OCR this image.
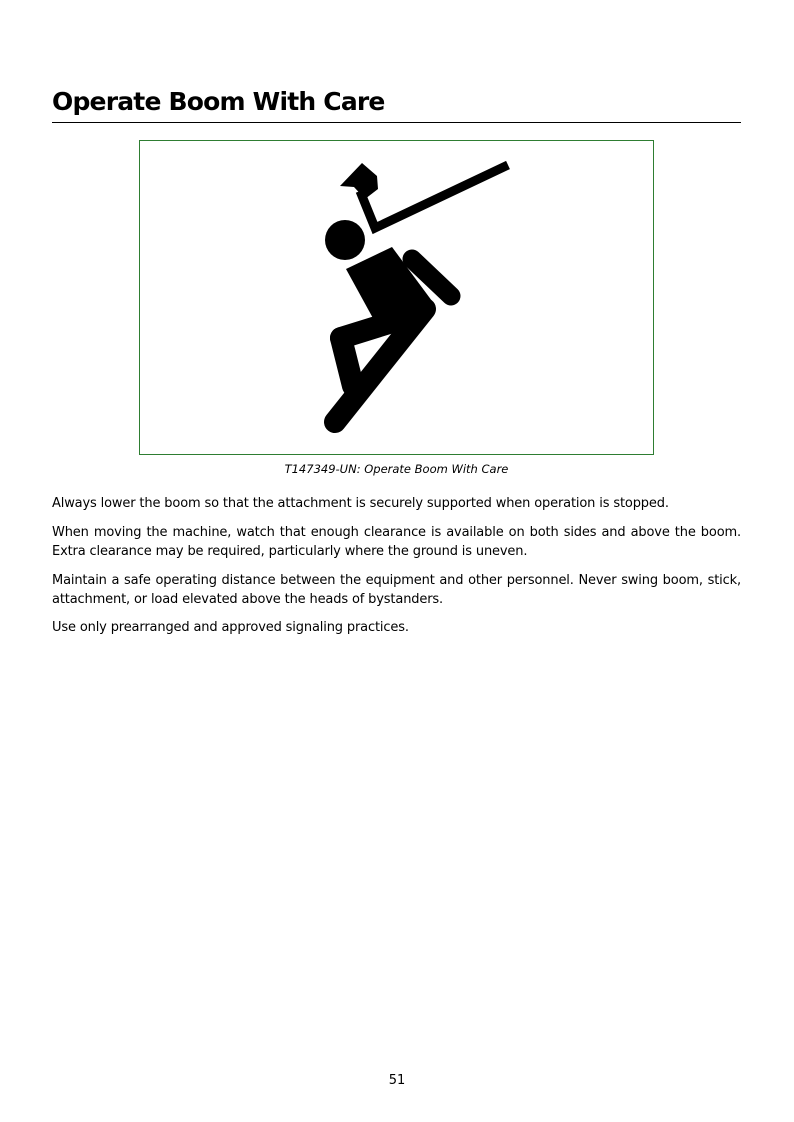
Operate Boom With Care
T147349-UN: Operate Boom With Care

Always lower the boom so that the attachment is securely supported when operation is stopped.

When moving the machine, watch that enough clearance is available on both sides and above the boom. Extra clearance may be required, particularly where the ground is uneven.

Maintain a safe operating distance between the equipment and other personnel. Never swing boom, stick, attachment, or load elevated above the heads of bystanders.

Use only prearranged and approved signaling practices.

51
